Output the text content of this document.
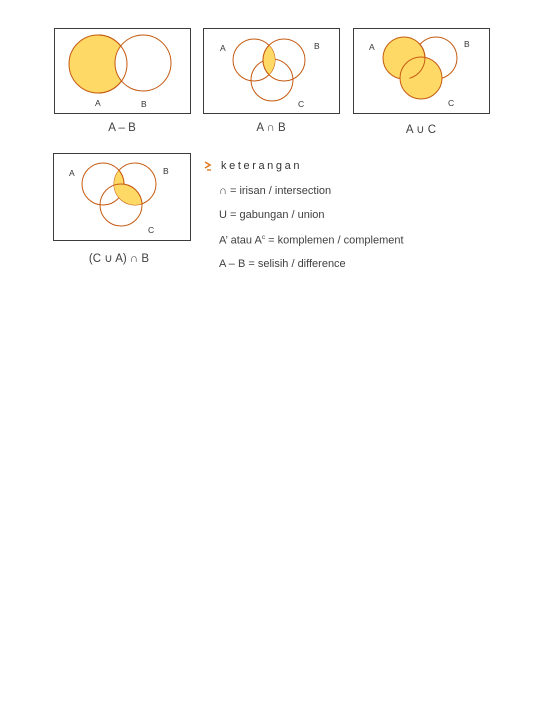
A	B
A – B
A	B
C
A ∩ B
A	B
C
A ∪ C
A	B
C
(C ∪ A) ∩ B
keterangan
∩ = irisan / intersection
U = gabungan / union
A’ atau $A^c$ = komplemen / complement
A – B = selisih / difference
